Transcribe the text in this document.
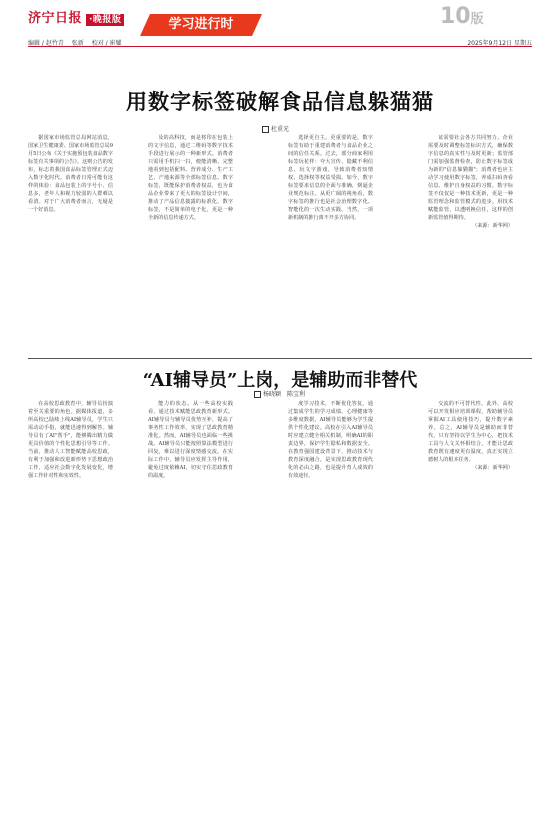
济宁日报 ·晚报版	学习进行时	10版
编辑 / 赵竹青 张新 校对 / 崔耀	2025年9月12日 星期五
用数字标签破解食品信息躲猫猫
杜重光

据国家市场监管总局网站消息，国家卫生健康委、国家市场监管总局9月5日公布《关于实施预包装食品数字标签有关事项的公告》。这则公告的发布，标志着我国食品标签管理正式迈入数字化时代。消费者日常可能有这样的体验：食品包装上的字号小、信息多，老年人和视力较弱的人群难以看清。对于广大消费者而言，无疑是一个好消息。

及的高科技，而是将印在包装上的文字信息，通过二维码等数字技术手段进行展示的一种新形式。消费者只需用手机扫一扫，便能清晰、完整地看到包括配料、营养成分、生产工艺、产地来源等全部标签信息。数字标签，既能保护消费者权益，也为食品企业带来了更大的标签设计空间，推动了产品信息披露的标准化。数字标签，不是简单的电子化，更是一种全新的信息传递方式。

选择更自主。更重要的是，数字标签有助于重建消费者与食品企业之间的信任关系。过去，部分商家利用标签玩花样：夸大宣传、隐藏不利信息、玩文字游戏，导致消费者知情权、选择权等权益受损。如今，数字标签要求信息的全面与准确，倒逼企业规范标注。从更广阔的视角看，数字标签的推行也是社会治理数字化、智能化的一次生动实践。当然，一项新机制的推行离不开多方协同。

证需要社会各方共同努力。企业需要及时调整标签标识方式，确保数字信息的真实性与及时更新；监管部门需加强监督检查，防止数字标签成为新的"信息躲猫猫"；消费者也应主动学习使用数字标签，养成扫码查看信息、维护自身权益的习惯。数字标签不仅仅是一种技术更新，更是一种监管理念和监管模式的进步。用技术赋能监管，以透明换信任，这样的创新监管值得期待。

（来源：新华网）
“AI辅导员”上岗，是辅助而非替代
杨晓颖　陈宝利

在高校思政教育中，辅导员扮演着至关重要的角色。据媒体报道，多所高校已陆续上线AI辅导员，学生只需动动手指，就能迅速得到解答。辅导员有了AI"帮手"，能够腾出精力做更具价值的个性化思想引导等工作。当前，推动人工智能赋能高校思政，有利于加强和改进新形势下思想政治工作，适应社会数字化发展变化，增强工作针对性和实效性。

能力的状态。从一些高校实践看，通过技术赋能思政教育新形式。AI辅导员与辅导员优势互补，提高了事务性工作效率，实现了思政教育精准化。然而，AI辅导员也面临一些挑战。AI辅导员只能按照算法模型进行回复，难以进行深度情感交流。在实际工作中，辅导员应发挥主导作用，避免过度依赖AI，切实守住思政教育的温度。

度学习技术，不断优化答复。通过集成学生的学习成绩、心理健康等多维度数据，AI辅导员能够为学生提供个性化建议。高校在引入AI辅导员时应建立健全相关机制，明确AI的职责边界，保护学生隐私和数据安全。在教育强国建设背景下，推动技术与教育深度融合，是实现思政教育现代化的必由之路，也是提升育人成效的有效途径。

交流的不可替代性。此外，高校可以开发相应培训课程，帮助辅导员掌握AI工具使用技巧，提升数字素养。总之，AI辅导员是辅助而非替代，只有坚持以学生为中心，把技术工具与人文关怀相结合，才能让思政教育既有速度更有温度，真正实现立德树人的根本任务。

（来源：新华网）
